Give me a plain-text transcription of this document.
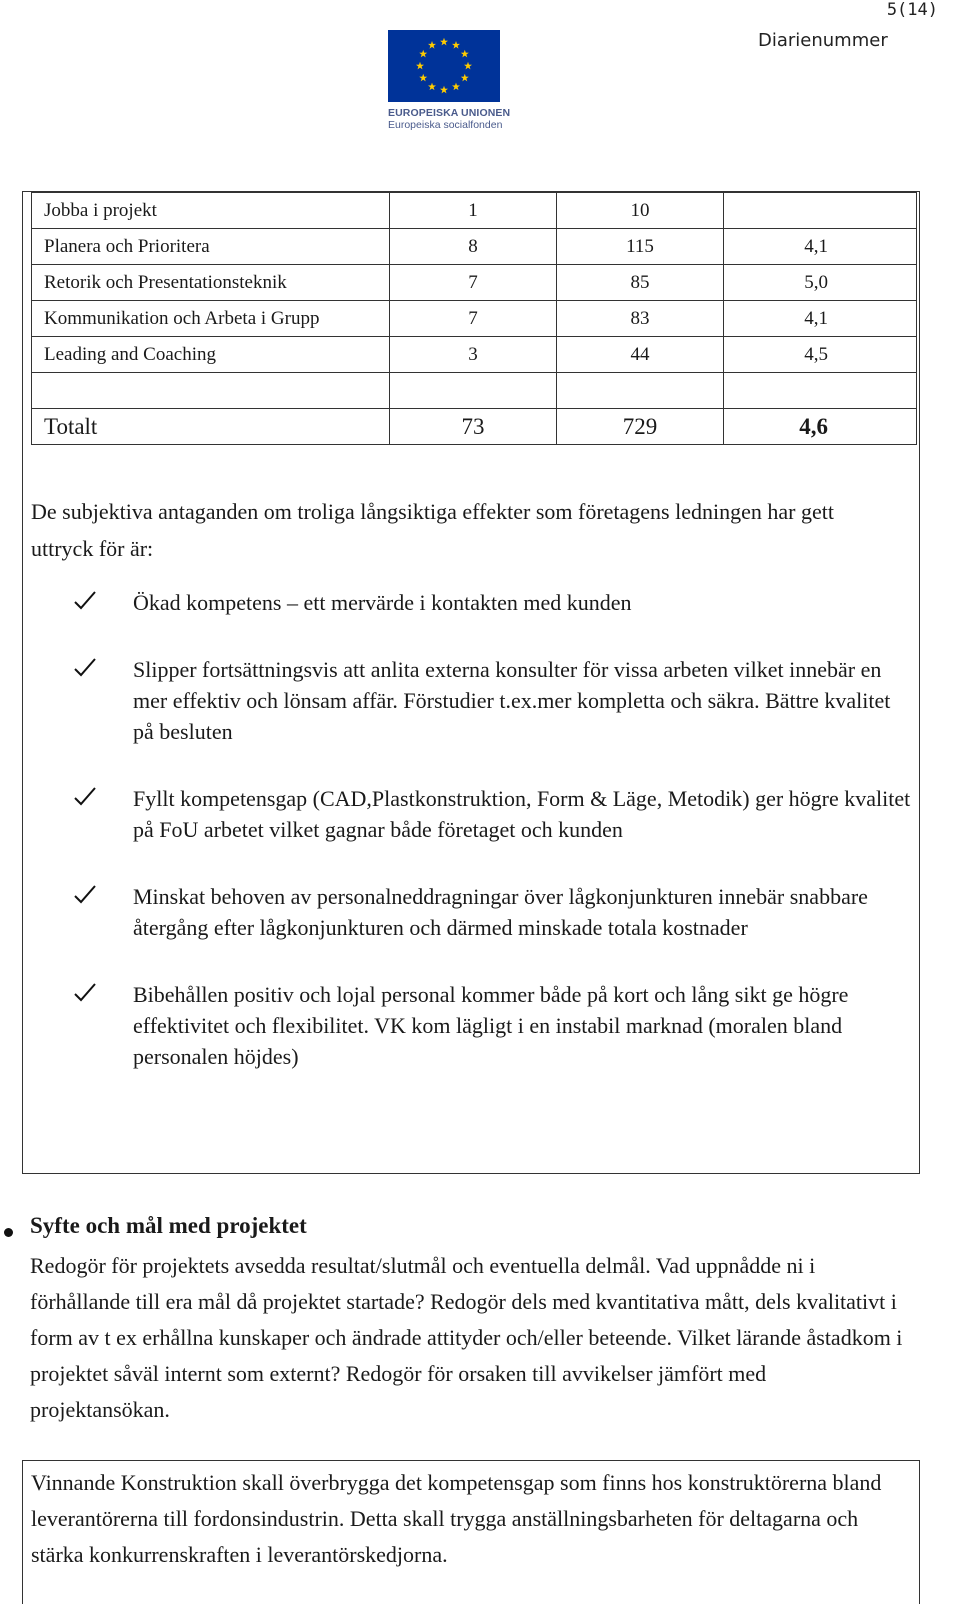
5(14)
Diarienummer
EUROPEISKA UNIONEN
Europeiska socialfonden
Jobba i projekt	1	10	
Planera och Prioritera	8	115	4,1
Retorik och Presentationsteknik	7	85	5,0
Kommunikation och Arbeta i Grupp	7	83	4,1
Leading and Coaching	3	44	4,5

Totalt	73	729	4,6

De subjektiva antaganden om troliga långsiktiga effekter som företagens ledningen har gett uttryck för är:

Ökad kompetens – ett mervärde i kontakten med kunden
Slipper fortsättningsvis att anlita externa konsulter för vissa arbeten vilket innebär en mer effektiv och lönsam affär. Förstudier t.ex.mer kompletta och säkra. Bättre kvalitet på besluten
Fyllt kompetensgap (CAD,Plastkonstruktion, Form & Läge, Metodik) ger högre kvalitet på FoU arbetet vilket gagnar både företaget och kunden
Minskat behoven av personalneddragningar över lågkonjunkturen innebär snabbare återgång efter lågkonjunkturen och därmed minskade totala kostnader
Bibehållen positiv och lojal personal kommer både på kort och lång sikt ge högre effektivitet och flexibilitet. VK kom lägligt i en instabil marknad (moralen bland personalen höjdes)
Syfte och mål med projektet

Redogör för projektets avsedda resultat/slutmål och eventuella delmål. Vad uppnådde ni i förhållande till era mål då projektet startade? Redogör dels med kvantitativa mått, dels kvalitativt i form av t ex erhållna kunskaper och ändrade attityder och/eller beteende. Vilket lärande åstadkom i projektet såväl internt som externt? Redogör för orsaken till avvikelser jämfört med projektansökan.

Vinnande Konstruktion skall överbrygga det kompetensgap som finns hos konstruktörerna bland leverantörerna till fordonsindustrin. Detta skall trygga anställningsbarheten för deltagarna och stärka konkurrenskraften i leverantörskedjorna.
